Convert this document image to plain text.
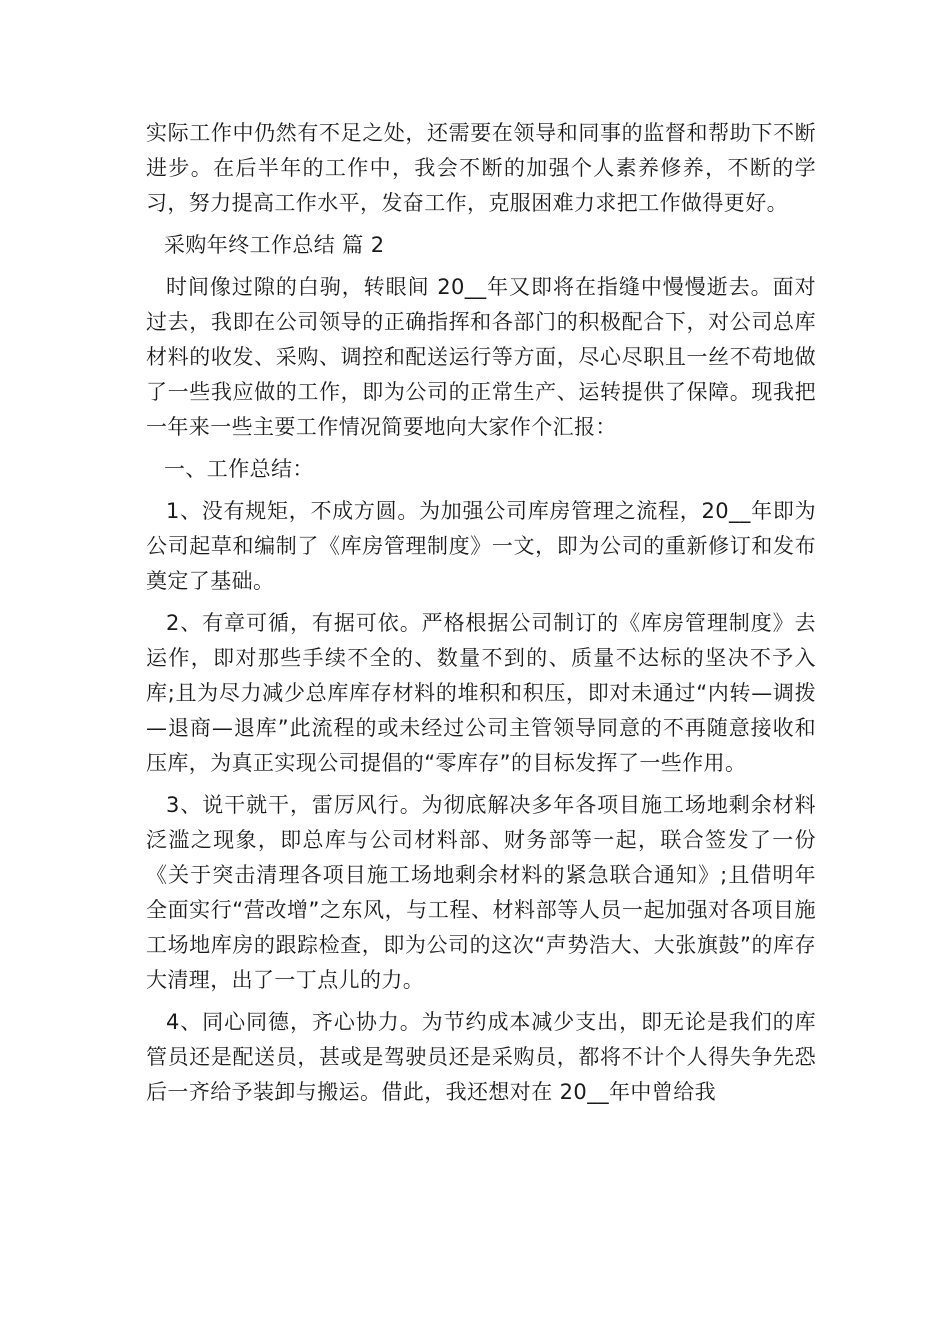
实际工作中仍然有不足之处，还需要在领导和同事的监督和帮助下不断进步。在后半年的工作中，我会不断的加强个人素养修养，不断的学习，努力提高工作水平，发奋工作，克服困难力求把工作做得更好。

采购年终工作总结 篇 2

时间像过隙的白驹，转眼间 20__年又即将在指缝中慢慢逝去。面对过去，我即在公司领导的正确指挥和各部门的积极配合下，对公司总库材料的收发、采购、调控和配送运行等方面，尽心尽职且一丝不苟地做了一些我应做的工作，即为公司的正常生产、运转提供了保障。现我把一年来一些主要工作情况简要地向大家作个汇报：

一、工作总结：

1、没有规矩，不成方圆。为加强公司库房管理之流程，20__年即为公司起草和编制了《库房管理制度》一文，即为公司的重新修订和发布奠定了基础。

2、有章可循，有据可依。严格根据公司制订的《库房管理制度》去运作，即对那些手续不全的、数量不到的、质量不达标的坚决不予入库;且为尽力减少总库库存材料的堆积和积压，即对未通过“内转—调拨—退商—退库”此流程的或未经过公司主管领导同意的不再随意接收和压库，为真正实现公司提倡的“零库存”的目标发挥了一些作用。

3、说干就干，雷厉风行。为彻底解决多年各项目施工场地剩余材料泛滥之现象，即总库与公司材料部、财务部等一起，联合签发了一份《关于突击清理各项目施工场地剩余材料的紧急联合通知》;且借明年全面实行“营改增”之东风，与工程、材料部等人员一起加强对各项目施工场地库房的跟踪检查，即为公司的这次“声势浩大、大张旗鼓”的库存大清理，出了一丁点儿的力。

4、同心同德，齐心协力。为节约成本减少支出，即无论是我们的库管员还是配送员，甚或是驾驶员还是采购员，都将不计个人得失争先恐后一齐给予装卸与搬运。借此，我还想对在 20__年中曾给我
